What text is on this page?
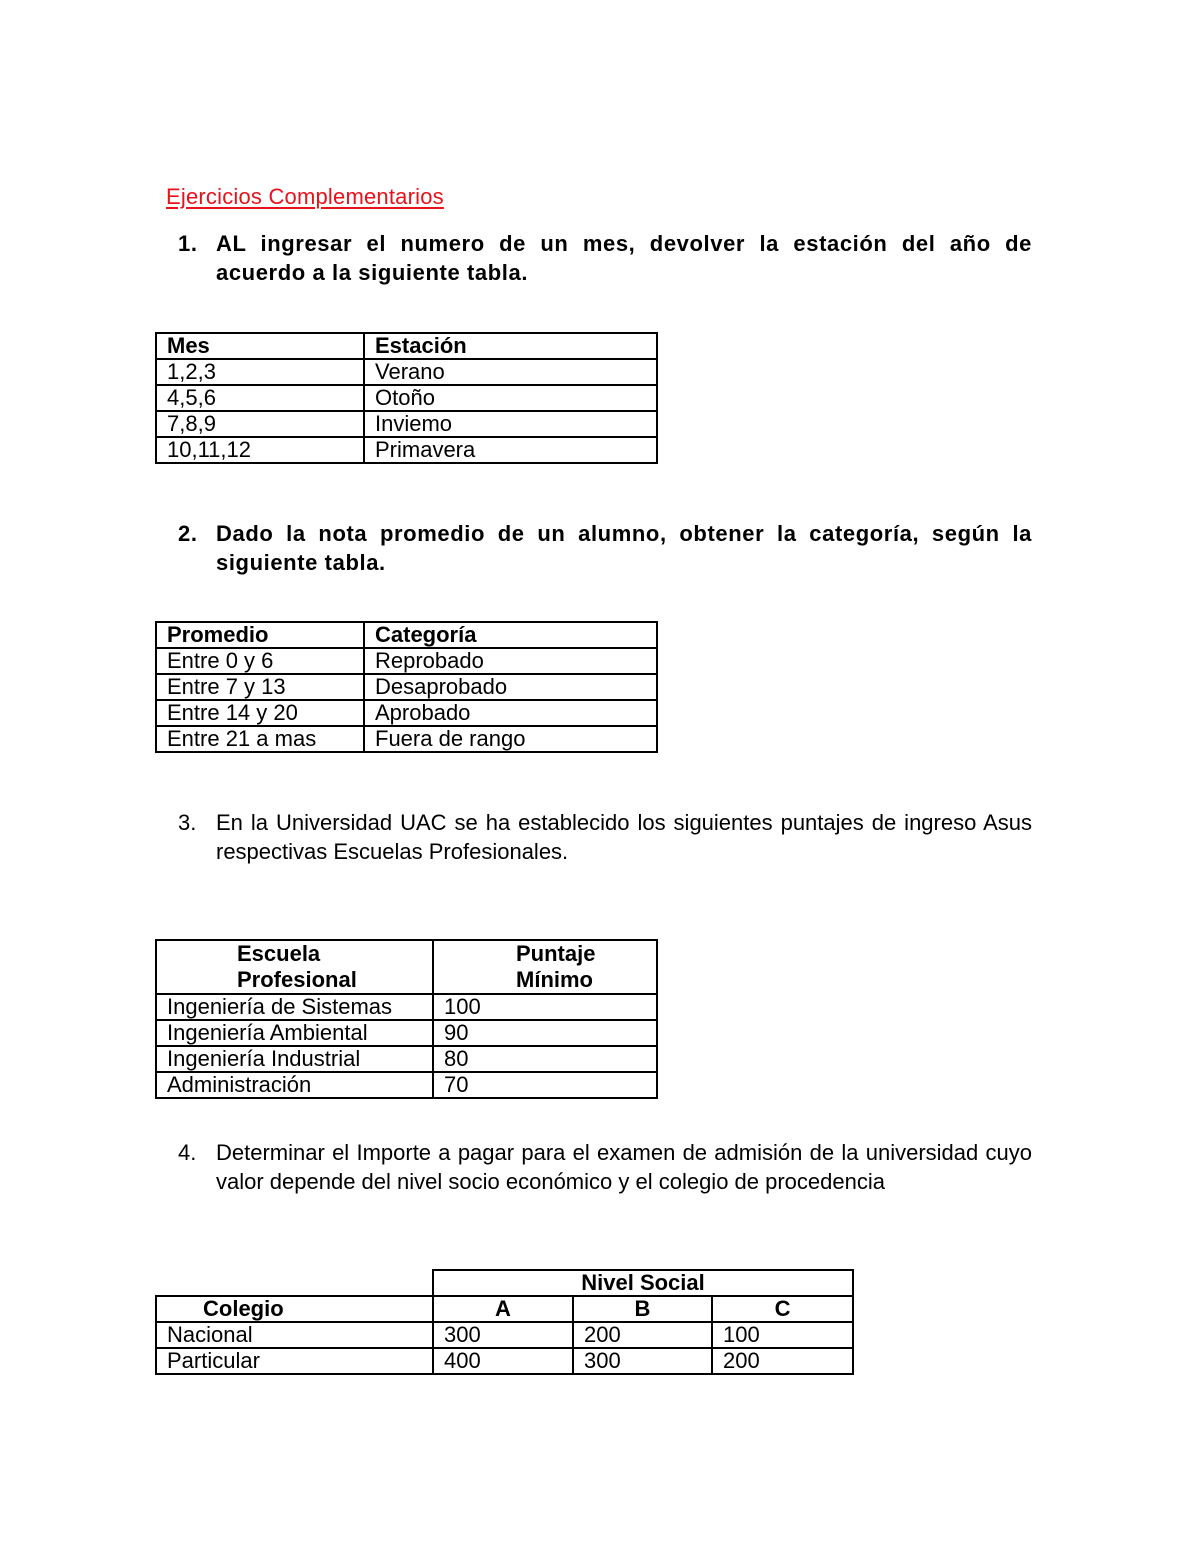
Ejercicios Complementarios
1. AL ingresar el numero de un mes, devolver la estación del año de acuerdo a la siguiente tabla.
Mes	Estación
1,2,3	Verano
4,5,6	Otoño
7,8,9	Inviemo
10,11,12	Primavera
2. Dado la nota promedio de un alumno, obtener la categoría, según la siguiente tabla.
Promedio	Categoría
Entre 0 y 6	Reprobado
Entre 7 y 13	Desaprobado
Entre 14 y 20	Aprobado
Entre 21 a mas	Fuera de rango
3. En la Universidad UAC se ha establecido los siguientes puntajes de ingreso Asus respectivas Escuelas Profesionales.
Escuela Profesional	Puntaje Mínimo
Ingeniería de Sistemas	100
Ingeniería Ambiental	90
Ingeniería Industrial	80
Administración	70
4. Determinar el Importe a pagar para el examen de admisión de la universidad cuyo valor depende del nivel socio económico y el colegio de procedencia
	Nivel Social		
Colegio	A	B	C
Nacional	300	200	100
Particular	400	300	200
